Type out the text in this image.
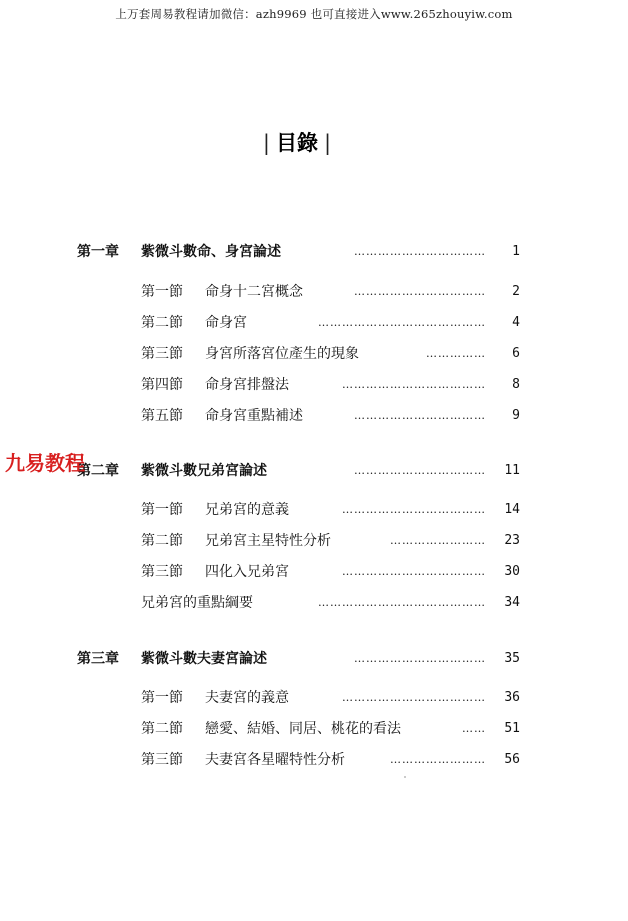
上万套周易教程请加微信：azh9969 也可直接进入www.265zhouyiw.com
| 目錄 |
第一章 紫微斗數命、身宮論述	……………………………	1
第一節 命身十二宮概念	……………………………	2
第二節 命身宮	……………………………………	4
第三節 身宮所落宮位產生的現象	……………	6
第四節 命身宮排盤法	………………………………	8
第五節 命身宮重點補述	……………………………	9
第二章 紫微斗數兄弟宮論述	……………………………	11
第一節 兄弟宮的意義	………………………………	14
第二節 兄弟宮主星特性分析	……………………	23
第三節 四化入兄弟宮	………………………………	30
兄弟宮的重點綱要	……………………………………	34
第三章 紫微斗數夫妻宮論述	……………………………	35
第一節 夫妻宮的義意	………………………………	36
第二節 戀愛、結婚、同居、桃花的看法	……	51
第三節 夫妻宮各星曜特性分析	……………………	56
九易教程
